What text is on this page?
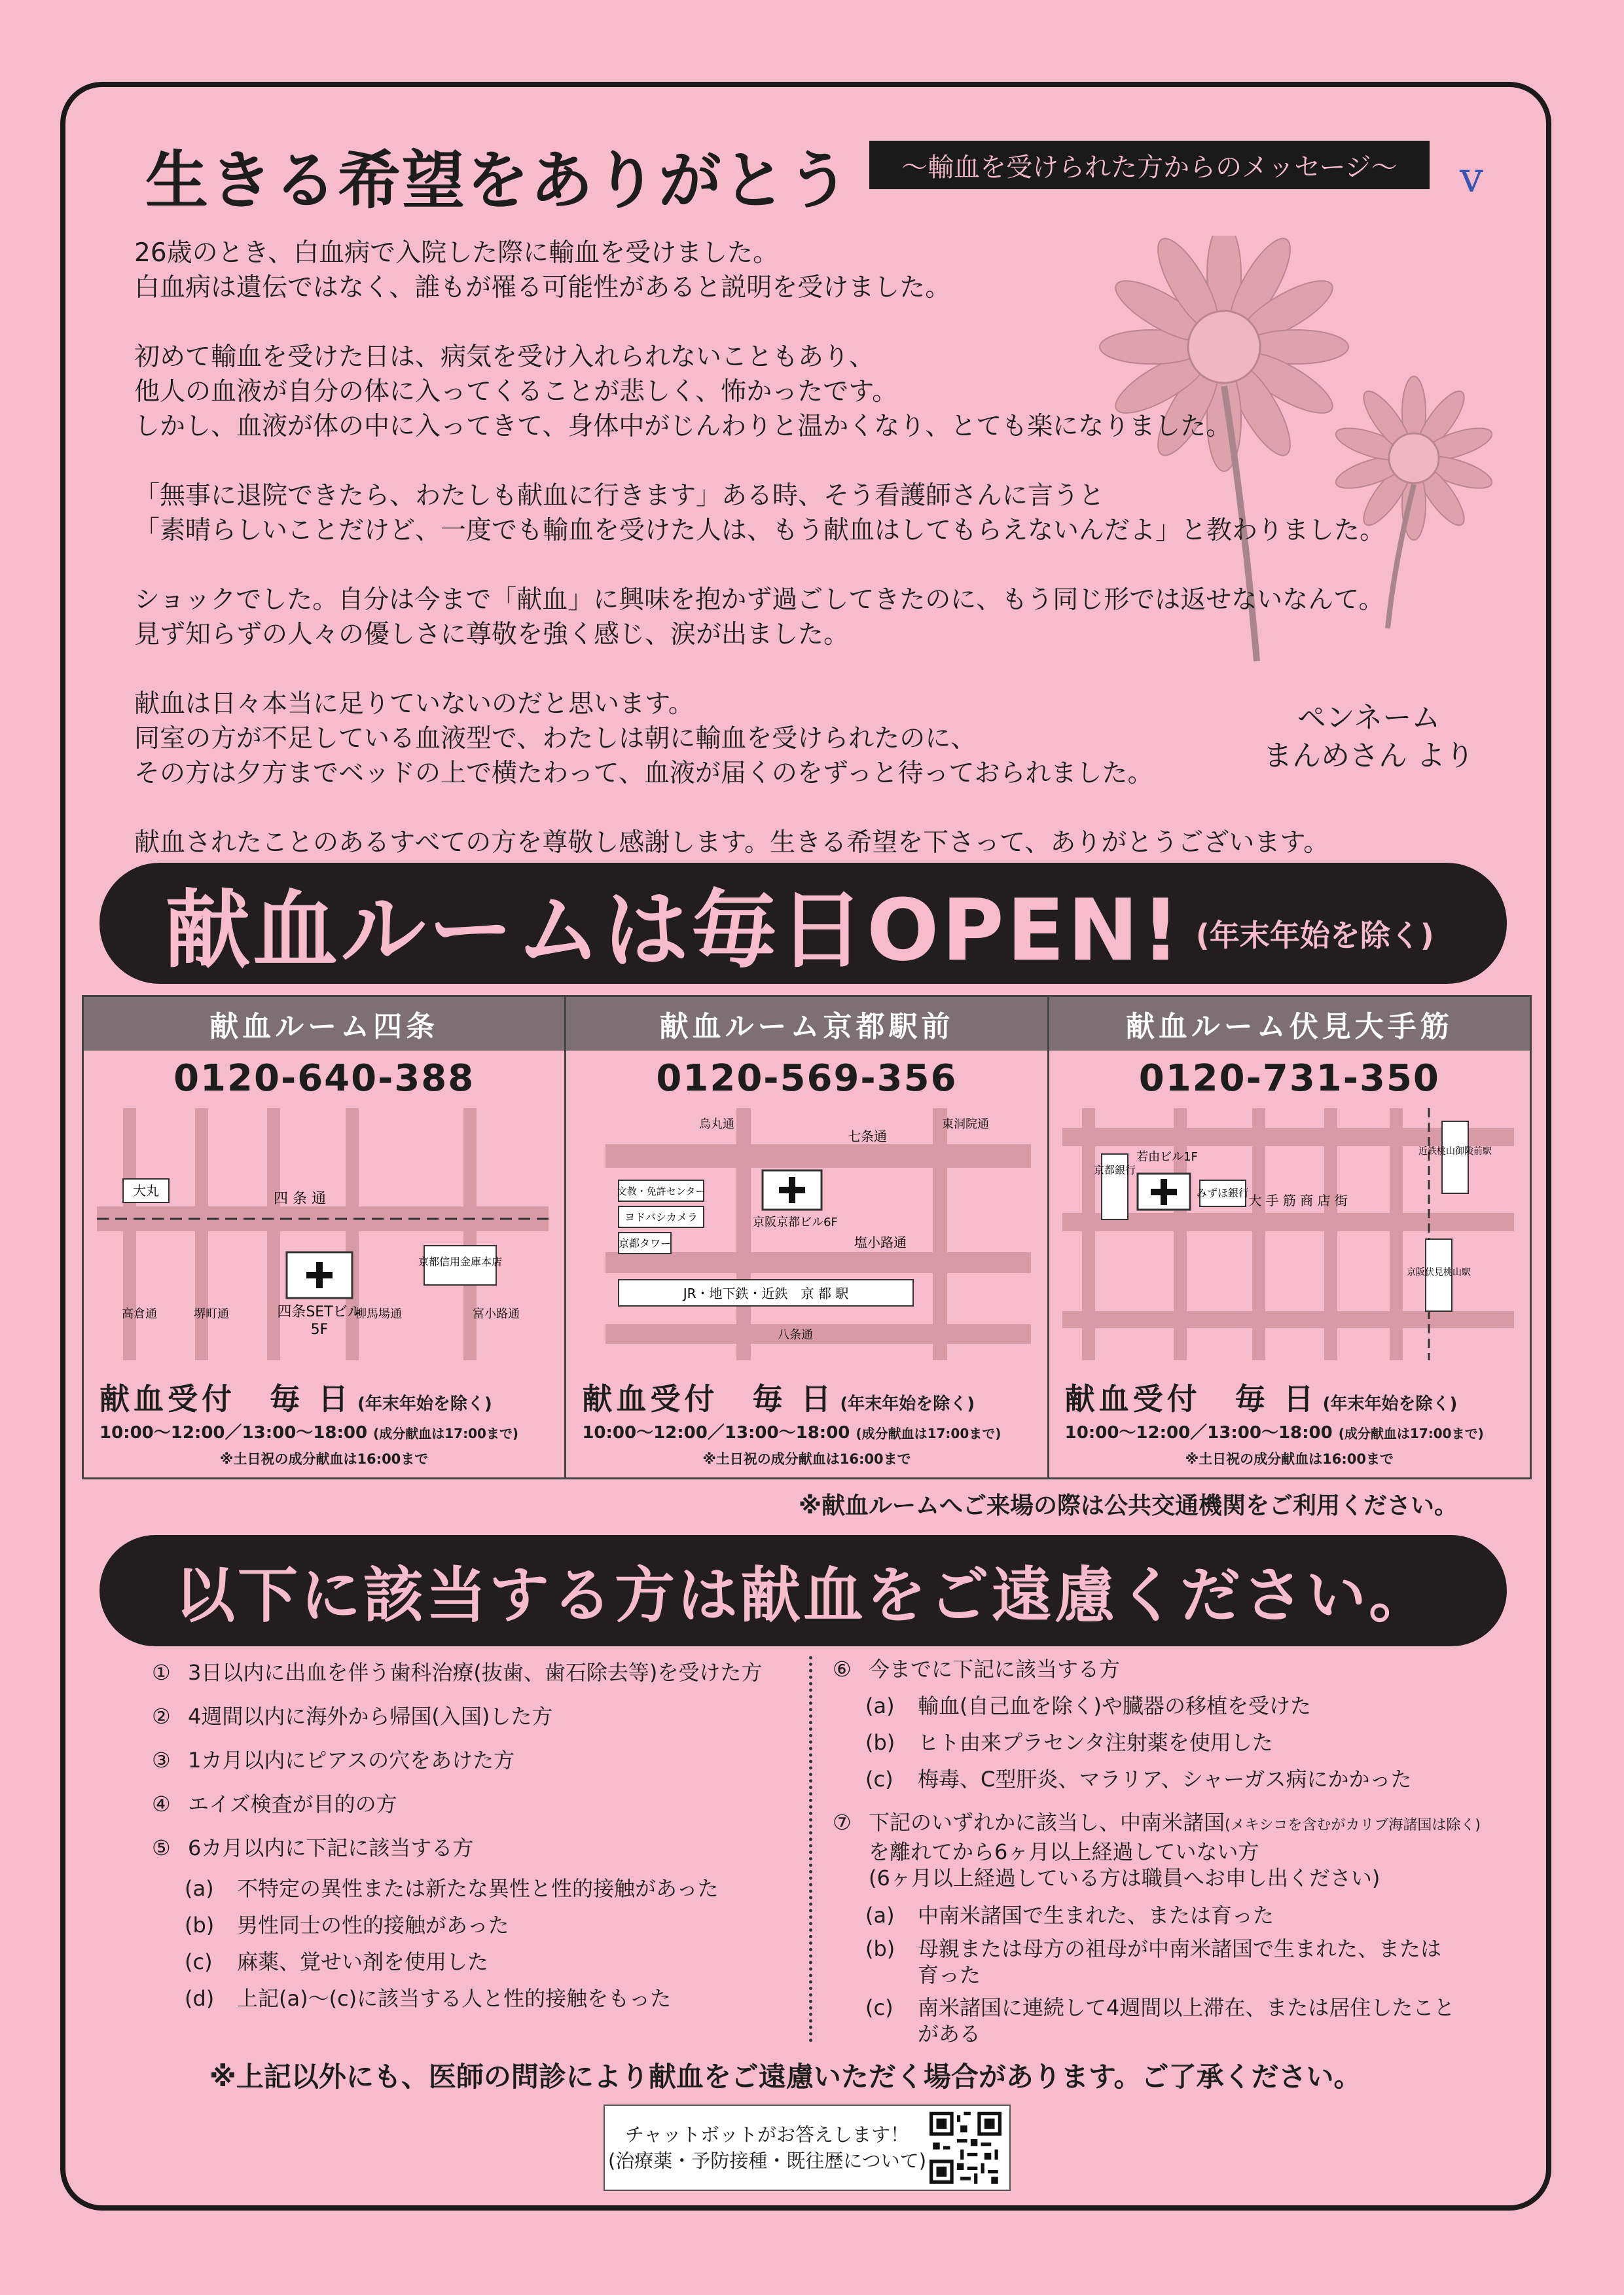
生きる希望をありがとう ～輸血を受けられた方からのメッセージ～ v

26歳のとき、白血病で入院した際に輸血を受けました。
白血病は遺伝ではなく、誰もが罹る可能性があると説明を受けました。

初めて輸血を受けた日は、病気を受け入れられないこともあり、
他人の血液が自分の体に入ってくることが悲しく、怖かったです。
しかし、血液が体の中に入ってきて、身体中がじんわりと温かくなり、とても楽になりました。

「無事に退院できたら、わたしも献血に行きます」ある時、そう看護師さんに言うと
「素晴らしいことだけど、一度でも輸血を受けた人は、もう献血はしてもらえないんだよ」と教わりました。

ショックでした。自分は今まで「献血」に興味を抱かず過ごしてきたのに、もう同じ形では返せないなんて。
見ず知らずの人々の優しさに尊敬を強く感じ、涙が出ました。

献血は日々本当に足りていないのだと思います。
同室の方が不足している血液型で、わたしは朝に輸血を受けられたのに、
その方は夕方までベッドの上で横たわって、血液が届くのをずっと待っておられました。

献血されたことのあるすべての方を尊敬し感謝します。生きる希望を下さって、ありがとうございます。

ペンネーム
まんめさん より
献血ルームは毎日OPEN! (年末年始を除く)
献血ルーム四条
0120-640-388
大丸	四 条 通
四条SETビル
5F
京都信用金庫本店
高倉通	堺町通	柳馬場通	富小路通
献血受付　毎 日 (年末年始を除く)
10:00～12:00／13:00～18:00 (成分献血は17:00まで)
※土日祝の成分献血は16:00まで
献血ルーム京都駅前
0120-569-356
烏丸通	東洞院通
七条通
文教・免許センター
ヨドバシカメラ
京都タワー
京阪京都ビル6F
塩小路通
JR・地下鉄・近鉄　京 都 駅
八条通
献血受付　毎 日 (年末年始を除く)
10:00～12:00／13:00～18:00 (成分献血は17:00まで)
※土日祝の成分献血は16:00まで
献血ルーム伏見大手筋
0120-731-350
京都銀行
若由ビル1F
みずほ銀行 大 手 筋 商 店 街
近鉄桃山御陵前駅
京阪伏見桃山駅
献血受付　毎 日 (年末年始を除く)
10:00～12:00／13:00～18:00 (成分献血は17:00まで)
※土日祝の成分献血は16:00まで
※献血ルームへご来場の際は公共交通機関をご利用ください。
以下に該当する方は献血をご遠慮ください。
① 3日以内に出血を伴う歯科治療(抜歯、歯石除去等)を受けた方
② 4週間以内に海外から帰国(入国)した方
③ 1カ月以内にピアスの穴をあけた方
④ エイズ検査が目的の方
⑤ 6カ月以内に下記に該当する方
(a) 不特定の異性または新たな異性と性的接触があった
(b) 男性同士の性的接触があった
(c) 麻薬、覚せい剤を使用した
(d) 上記(a)～(c)に該当する人と性的接触をもった
⑥ 今までに下記に該当する方
(a) 輸血(自己血を除く)や臓器の移植を受けた
(b) ヒト由来プラセンタ注射薬を使用した
(c) 梅毒、C型肝炎、マラリア、シャーガス病にかかった
⑦ 下記のいずれかに該当し、中南米諸国(メキシコを含むがカリブ海諸国は除く)
を離れてから6ヶ月以上経過していない方
(6ヶ月以上経過している方は職員へお申し出ください)
(a) 中南米諸国で生まれた、または育った
(b) 母親または母方の祖母が中南米諸国で生まれた、または
育った
(c) 南米諸国に連続して4週間以上滞在、または居住したこと
がある
※上記以外にも、医師の問診により献血をご遠慮いただく場合があります。ご了承ください。
チャットボットがお答えします！
(治療薬・予防接種・既往歴について)
